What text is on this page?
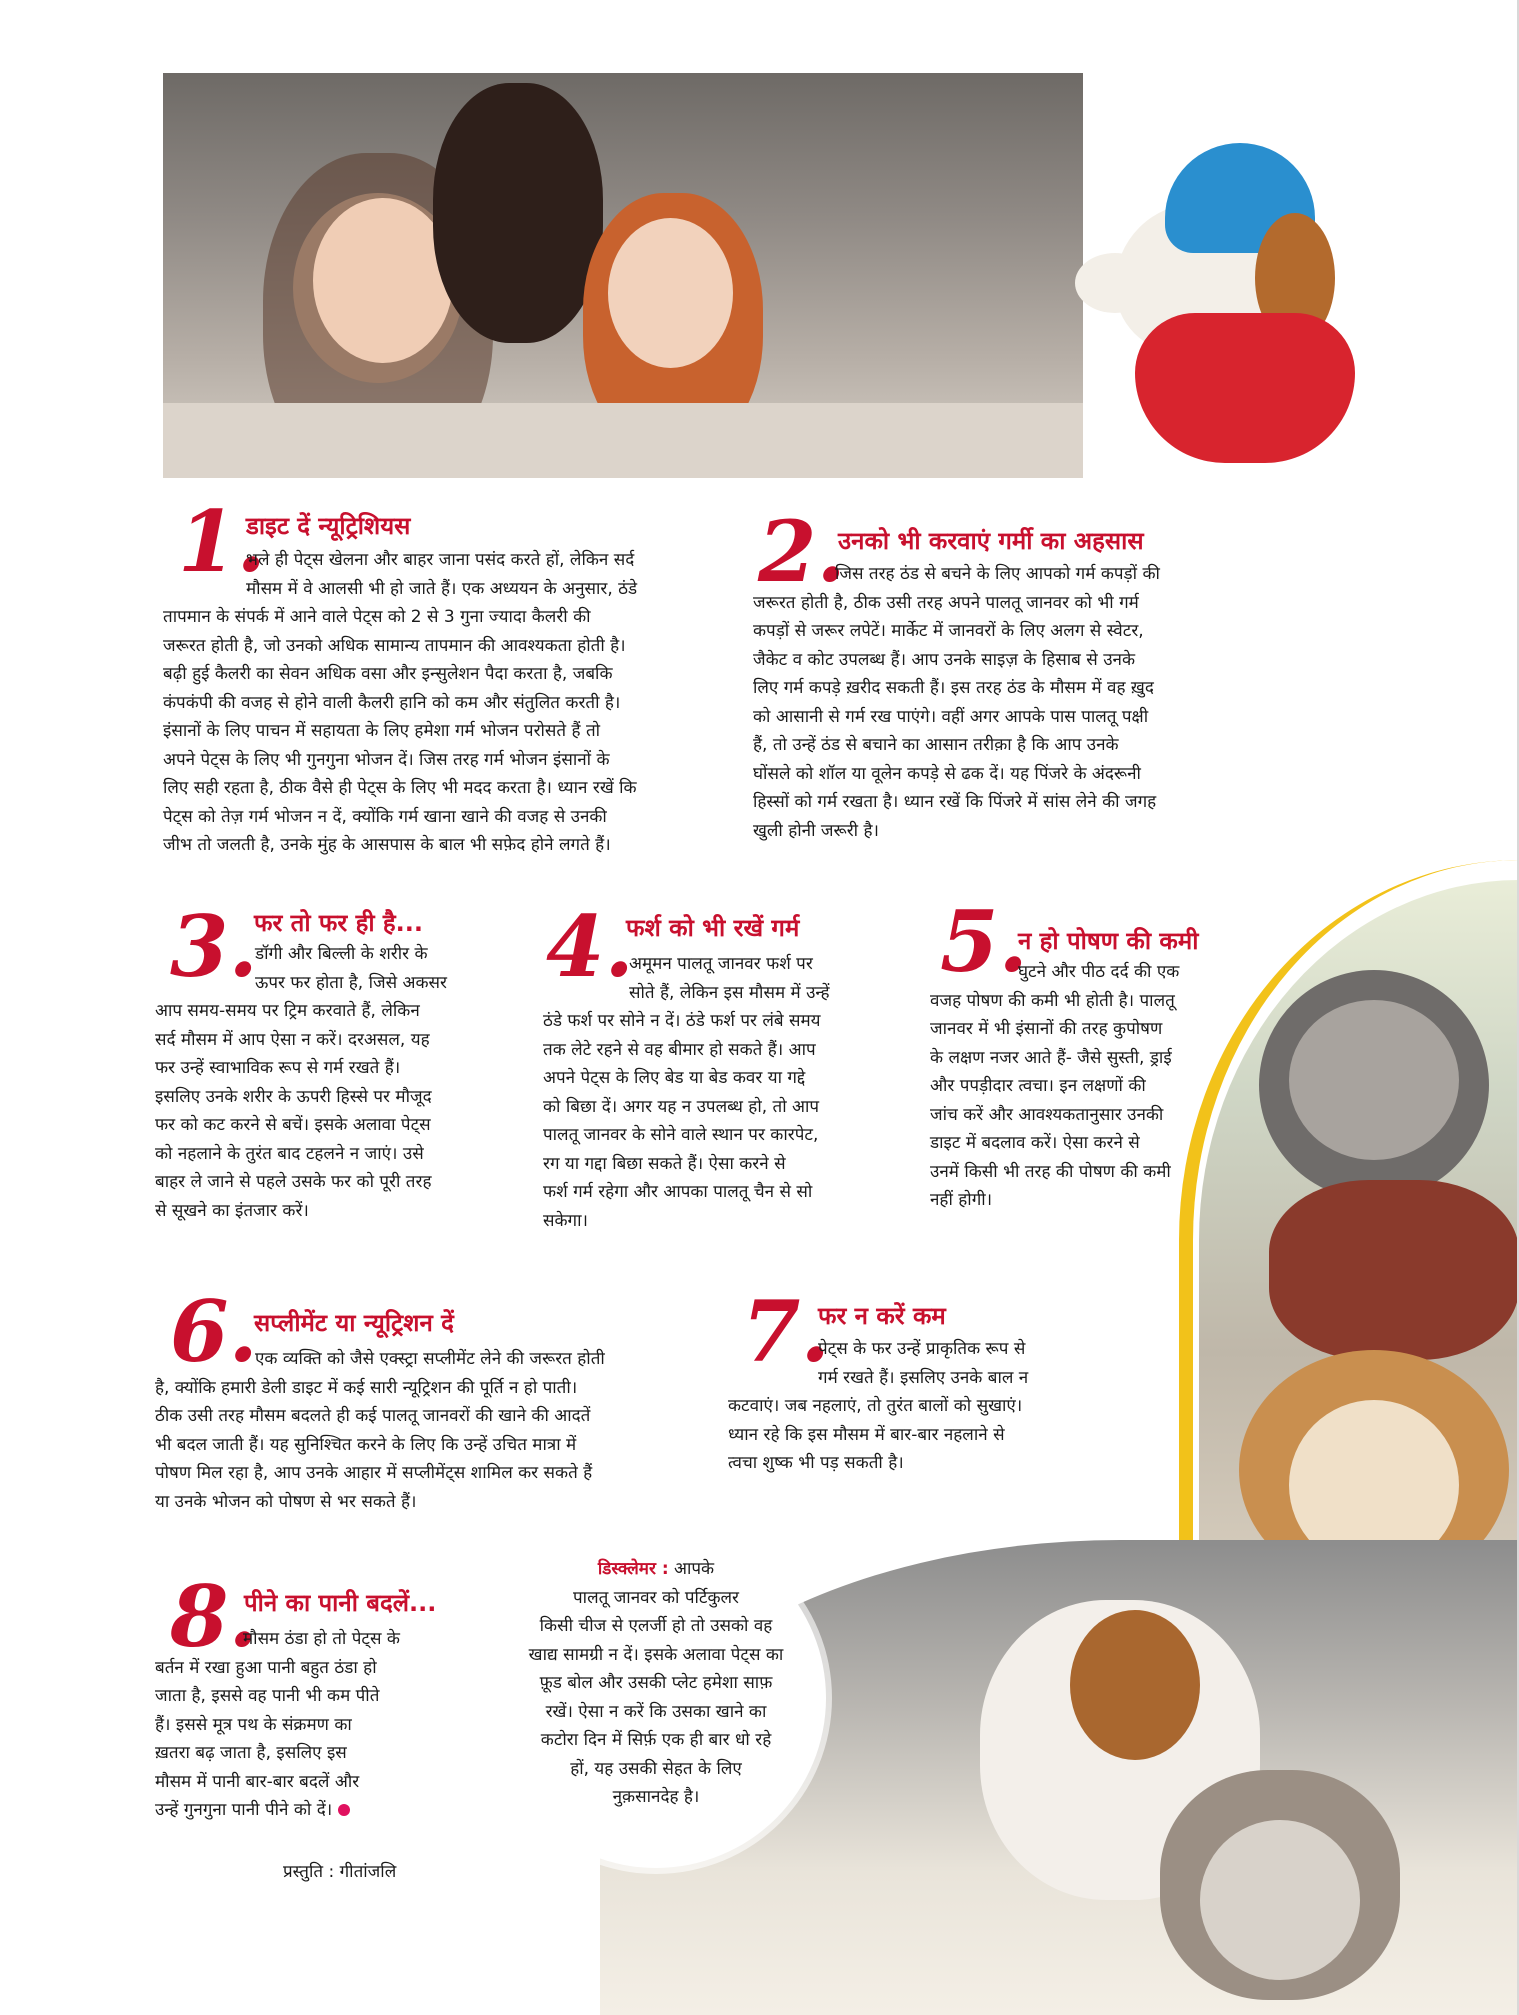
1.
डाइट दें न्यूट्रिशियस
भले ही पेट्स खेलना और बाहर जाना पसंद करते हों, लेकिन सर्द
मौसम में वे आलसी भी हो जाते हैं। एक अध्ययन के अनुसार, ठंडे
तापमान के संपर्क में आने वाले पेट्स को 2 से 3 गुना ज्यादा कैलरी की
जरूरत होती है, जो उनको अधिक सामान्य तापमान की आवश्यकता होती है।
बढ़ी हुई कैलरी का सेवन अधिक वसा और इन्सुलेशन पैदा करता है, जबकि
कंपकंपी की वजह से होने वाली कैलरी हानि को कम और संतुलित करती है।
इंसानों के लिए पाचन में सहायता के लिए हमेशा गर्म भोजन परोसते हैं तो
अपने पेट्स के लिए भी गुनगुना भोजन दें। जिस तरह गर्म भोजन इंसानों के
लिए सही रहता है, ठीक वैसे ही पेट्स के लिए भी मदद करता है। ध्यान रखें कि
पेट्स को तेज़ गर्म भोजन न दें, क्योंकि गर्म खाना खाने की वजह से उनकी
जीभ तो जलती है, उनके मुंह के आसपास के बाल भी सफ़ेद होने लगते हैं।
2.
उनको भी करवाएं गर्मी का अहसास
जिस तरह ठंड से बचने के लिए आपको गर्म कपड़ों की
जरूरत होती है, ठीक उसी तरह अपने पालतू जानवर को भी गर्म
कपड़ों से जरूर लपेटें। मार्केट में जानवरों के लिए अलग से स्वेटर,
जैकेट व कोट उपलब्ध हैं। आप उनके साइज़ के हिसाब से उनके
लिए गर्म कपड़े ख़रीद सकती हैं। इस तरह ठंड के मौसम में वह ख़ुद
को आसानी से गर्म रख पाएंगे। वहीं अगर आपके पास पालतू पक्षी
हैं, तो उन्हें ठंड से बचाने का आसान तरीक़ा है कि आप उनके
घोंसले को शॉल या वूलेन कपड़े से ढक दें। यह पिंजरे के अंदरूनी
हिस्सों को गर्म रखता है। ध्यान रखें कि पिंजरे में सांस लेने की जगह
खुली होनी जरूरी है।
3.
फर तो फर ही है...
डॉगी और बिल्ली के शरीर के
ऊपर फर होता है, जिसे अकसर
आप समय-समय पर ट्रिम करवाते हैं, लेकिन
सर्द मौसम में आप ऐसा न करें। दरअसल, यह
फर उन्हें स्वाभाविक रूप से गर्म रखते हैं।
इसलिए उनके शरीर के ऊपरी हिस्से पर मौजूद
फर को कट करने से बचें। इसके अलावा पेट्स
को नहलाने के तुरंत बाद टहलने न जाएं। उसे
बाहर ले जाने से पहले उसके फर को पूरी तरह
से सूखने का इंतजार करें।
4.
फर्श को भी रखें गर्म
अमूमन पालतू जानवर फर्श पर
सोते हैं, लेकिन इस मौसम में उन्हें
ठंडे फर्श पर सोने न दें। ठंडे फर्श पर लंबे समय
तक लेटे रहने से वह बीमार हो सकते हैं। आप
अपने पेट्स के लिए बेड या बेड कवर या गद्दे
को बिछा दें। अगर यह न उपलब्ध हो, तो आप
पालतू जानवर के सोने वाले स्थान पर कारपेट,
रग या गद्दा बिछा सकते हैं। ऐसा करने से
फर्श गर्म रहेगा और आपका पालतू चैन से सो
सकेगा।
5.
न हो पोषण की कमी
घुटने और पीठ दर्द की एक
वजह पोषण की कमी भी होती है। पालतू
जानवर में भी इंसानों की तरह कुपोषण
के लक्षण नजर आते हैं- जैसे सुस्ती, ड्राई
और पपड़ीदार त्वचा। इन लक्षणों की
जांच करें और आवश्यकतानुसार उनकी
डाइट में बदलाव करें। ऐसा करने से
उनमें किसी भी तरह की पोषण की कमी
नहीं होगी।
6.
सप्लीमेंट या न्यूट्रिशन दें
एक व्यक्ति को जैसे एक्स्ट्रा सप्लीमेंट लेने की जरूरत होती
है, क्योंकि हमारी डेली डाइट में कई सारी न्यूट्रिशन की पूर्ति न हो पाती।
ठीक उसी तरह मौसम बदलते ही कई पालतू जानवरों की खाने की आदतें
भी बदल जाती हैं। यह सुनिश्चित करने के लिए कि उन्हें उचित मात्रा में
पोषण मिल रहा है, आप उनके आहार में सप्लीमेंट्स शामिल कर सकते हैं
या उनके भोजन को पोषण से भर सकते हैं।
7.
फर न करें कम
पेट्स के फर उन्हें प्राकृतिक रूप से
गर्म रखते हैं। इसलिए उनके बाल न
कटवाएं। जब नहलाएं, तो तुरंत बालों को सुखाएं।
ध्यान रहे कि इस मौसम में बार-बार नहलाने से
त्वचा शुष्क भी पड़ सकती है।
8.
पीने का पानी बदलें...
मौसम ठंडा हो तो पेट्स के
बर्तन में रखा हुआ पानी बहुत ठंडा हो
जाता है, इससे वह पानी भी कम पीते
हैं। इससे मूत्र पथ के संक्रमण का
ख़तरा बढ़ जाता है, इसलिए इस
मौसम में पानी बार-बार बदलें और
उन्हें गुनगुना पानी पीने को दें।
प्रस्तुति : गीतांजलि
डिस्क्लेमर : आपके
पालतू जानवर को पर्टिकुलर
किसी चीज से एलर्जी हो तो उसको वह
खाद्य सामग्री न दें। इसके अलावा पेट्स का
फ़ूड बोल और उसकी प्लेट हमेशा साफ़
रखें। ऐसा न करें कि उसका खाने का
कटोरा दिन में सिर्फ़ एक ही बार धो रहे
हों, यह उसकी सेहत के लिए
नुक़सानदेह है।
